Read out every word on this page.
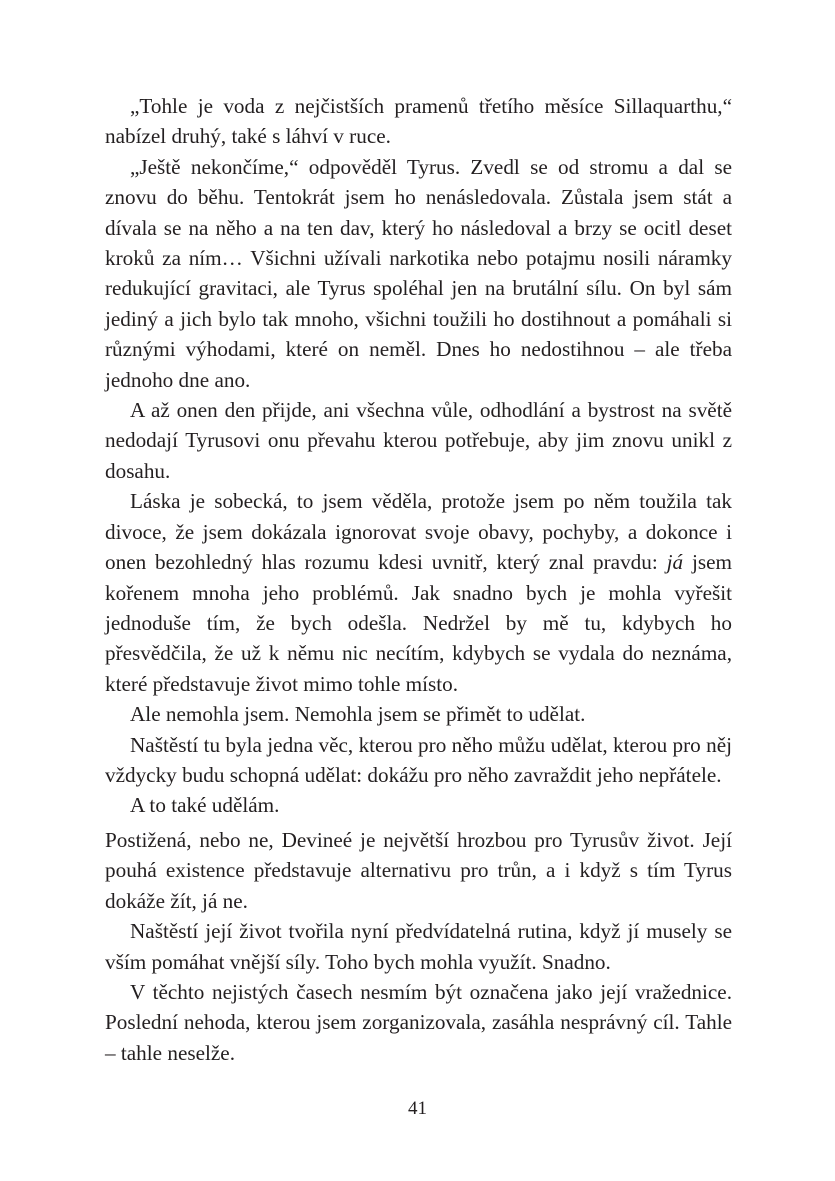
„Tohle je voda z nejčistších pramenů třetího měsíce Sillaquarthu,“ nabízel druhý, také s láhví v ruce.

„Ještě nekončíme,“ odpověděl Tyrus. Zvedl se od stromu a dal se znovu do běhu. Tentokrát jsem ho nenásledovala. Zůstala jsem stát a dívala se na něho a na ten dav, který ho následoval a brzy se ocitl deset kroků za ním… Všichni užívali narkotika nebo potajmu nosili náramky redukující gravitaci, ale Tyrus spoléhal jen na brutální sílu. On byl sám jediný a jich bylo tak mnoho, všichni toužili ho dostihnout a pomáhali si různými výhodami, které on neměl. Dnes ho nedostihnou – ale třeba jednoho dne ano.

A až onen den přijde, ani všechna vůle, odhodlání a bystrost na světě nedodají Tyrusovi onu převahu kterou potřebuje, aby jim znovu unikl z dosahu.

Láska je sobecká, to jsem věděla, protože jsem po něm toužila tak divoce, že jsem dokázala ignorovat svoje obavy, pochyby, a dokonce i onen bezohledný hlas rozumu kdesi uvnitř, který znal pravdu: já jsem kořenem mnoha jeho problémů. Jak snadno bych je mohla vyřešit jednoduše tím, že bych odešla. Nedržel by mě tu, kdybych ho přesvědčila, že už k němu nic necítím, kdybych se vydala do neznáma, které představuje život mimo tohle místo.

Ale nemohla jsem. Nemohla jsem se přimět to udělat.

Naštěstí tu byla jedna věc, kterou pro něho můžu udělat, kterou pro něj vždycky budu schopná udělat: dokážu pro něho zavraždit jeho nepřátele.

A to také udělám.

Postižená, nebo ne, Devineé je největší hrozbou pro Tyrusův život. Její pouhá existence představuje alternativu pro trůn, a i když s tím Tyrus dokáže žít, já ne.

Naštěstí její život tvořila nyní předvídatelná rutina, když jí musely se vším pomáhat vnější síly. Toho bych mohla využít. Snadno.

V těchto nejistých časech nesmím být označena jako její vražednice. Poslední nehoda, kterou jsem zorganizovala, zasáhla nesprávný cíl. Tahle – tahle neselže.

41
